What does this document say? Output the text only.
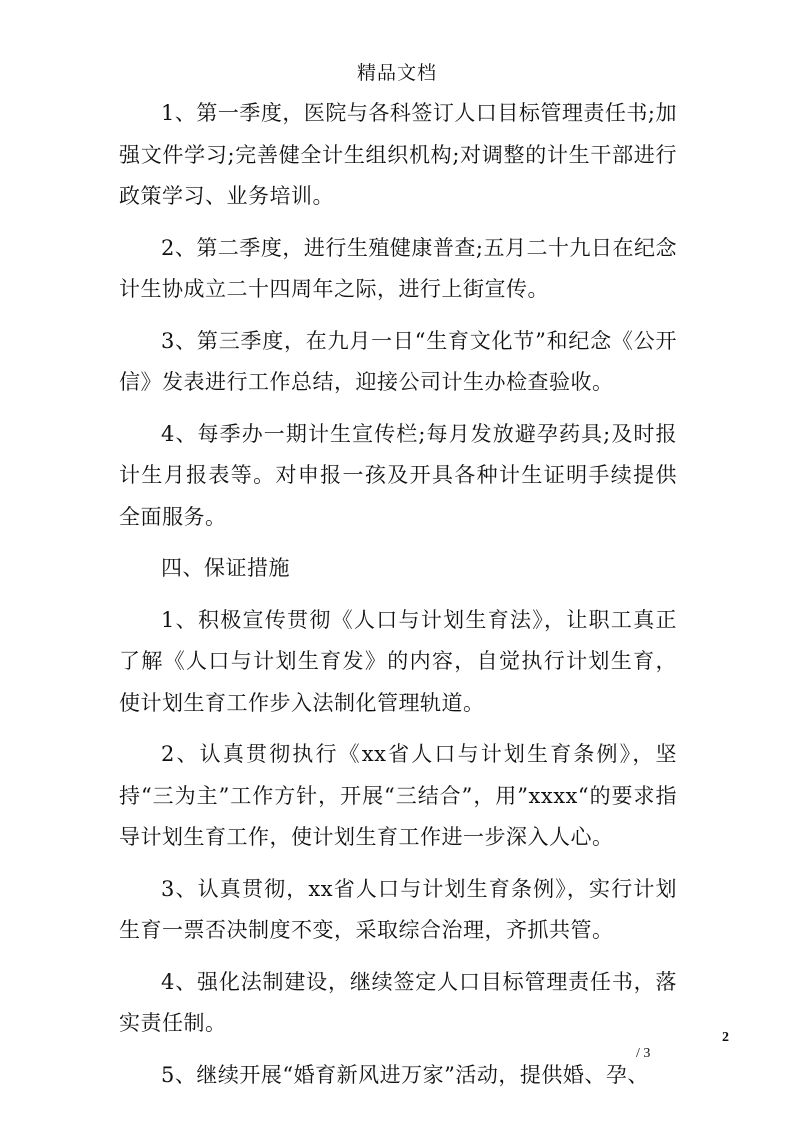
精品文档

1、第一季度，医院与各科签订人口目标管理责任书;加强文件学习;完善健全计生组织机构;对调整的计生干部进行政策学习、业务培训。

2、第二季度，进行生殖健康普查;五月二十九日在纪念计生协成立二十四周年之际，进行上街宣传。

3、第三季度，在九月一日“生育文化节”和纪念《公开信》发表进行工作总结，迎接公司计生办检查验收。

4、每季办一期计生宣传栏;每月发放避孕药具;及时报计生月报表等。对申报一孩及开具各种计生证明手续提供全面服务。

四、保证措施

1、积极宣传贯彻《人口与计划生育法》，让职工真正了解《人口与计划生育发》的内容，自觉执行计划生育，使计划生育工作步入法制化管理轨道。

2、认真贯彻执行《xx省人口与计划生育条例》，坚持“三为主”工作方针，开展“三结合”，用”xxxx“的要求指导计划生育工作，使计划生育工作进一步深入人心。

3、认真贯彻，xx省人口与计划生育条例》，实行计划生育一票否决制度不变，采取综合治理，齐抓共管。

4、强化法制建设，继续签定人口目标管理责任书，落实责任制。

5、继续开展“婚育新风进万家”活动，提供婚、孕、

2
/ 3
